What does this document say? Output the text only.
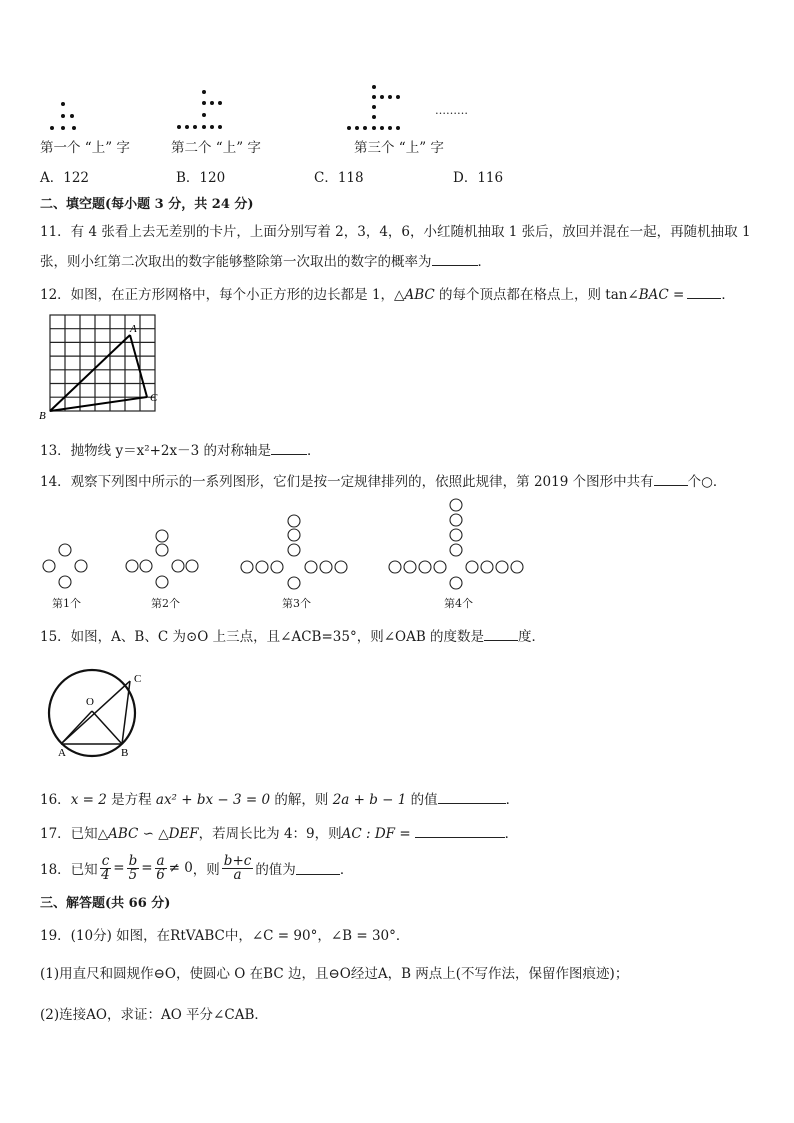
………
第一个 “上” 字	第二个 “上” 字	第三个 “上” 字
A．122	B．120	C．118	D．116
二、填空题(每小题 3 分，共 24 分)
11．有 4 张看上去无差别的卡片，上面分别写着 2，3，4，6，小红随机抽取 1 张后，放回并混在一起，再随机抽取 1
张，则小红第二次取出的数字能够整除第一次取出的数字的概率为	．
12．如图，在正方形网格中，每个小正方形的边长都是 1，△ABC 的每个顶点都在格点上，则 tan∠BAC =	．
A
B
C
13．抛物线 y＝x²+2x－3 的对称轴是	．
14．观察下列图中所示的一系列图形，它们是按一定规律排列的，依照此规律，第 2019 个图形中共有	个○．
第1个	第2个	第3个	第4个
15．如图，A、B、C 为⊙O 上三点，且∠ACB=35°，则∠OAB 的度数是	度．
O
A	B
C
16．x = 2 是方程 ax² + bx − 3 = 0 的解，则 2a + b − 1 的值	．
17．已知△ABC ∽ △DEF，若周长比为 4：9，则AC : DF =	．
18．已知 $\frac{c}{4} = \frac{b}{5} = \frac{a}{6} \ne 0$ ，则 $\frac{b+c}{a}$ 的值为	．
三、解答题(共 66 分)
19．(10分) 如图，在RtVABC中，∠C = 90°，∠B = 30°．
(1)用直尺和圆规作⊖O，使圆心 O 在BC 边，且⊖O经过A，B 两点上(不写作法，保留作图痕迹)；
(2)连接AO，求证：AO 平分∠CAB．
